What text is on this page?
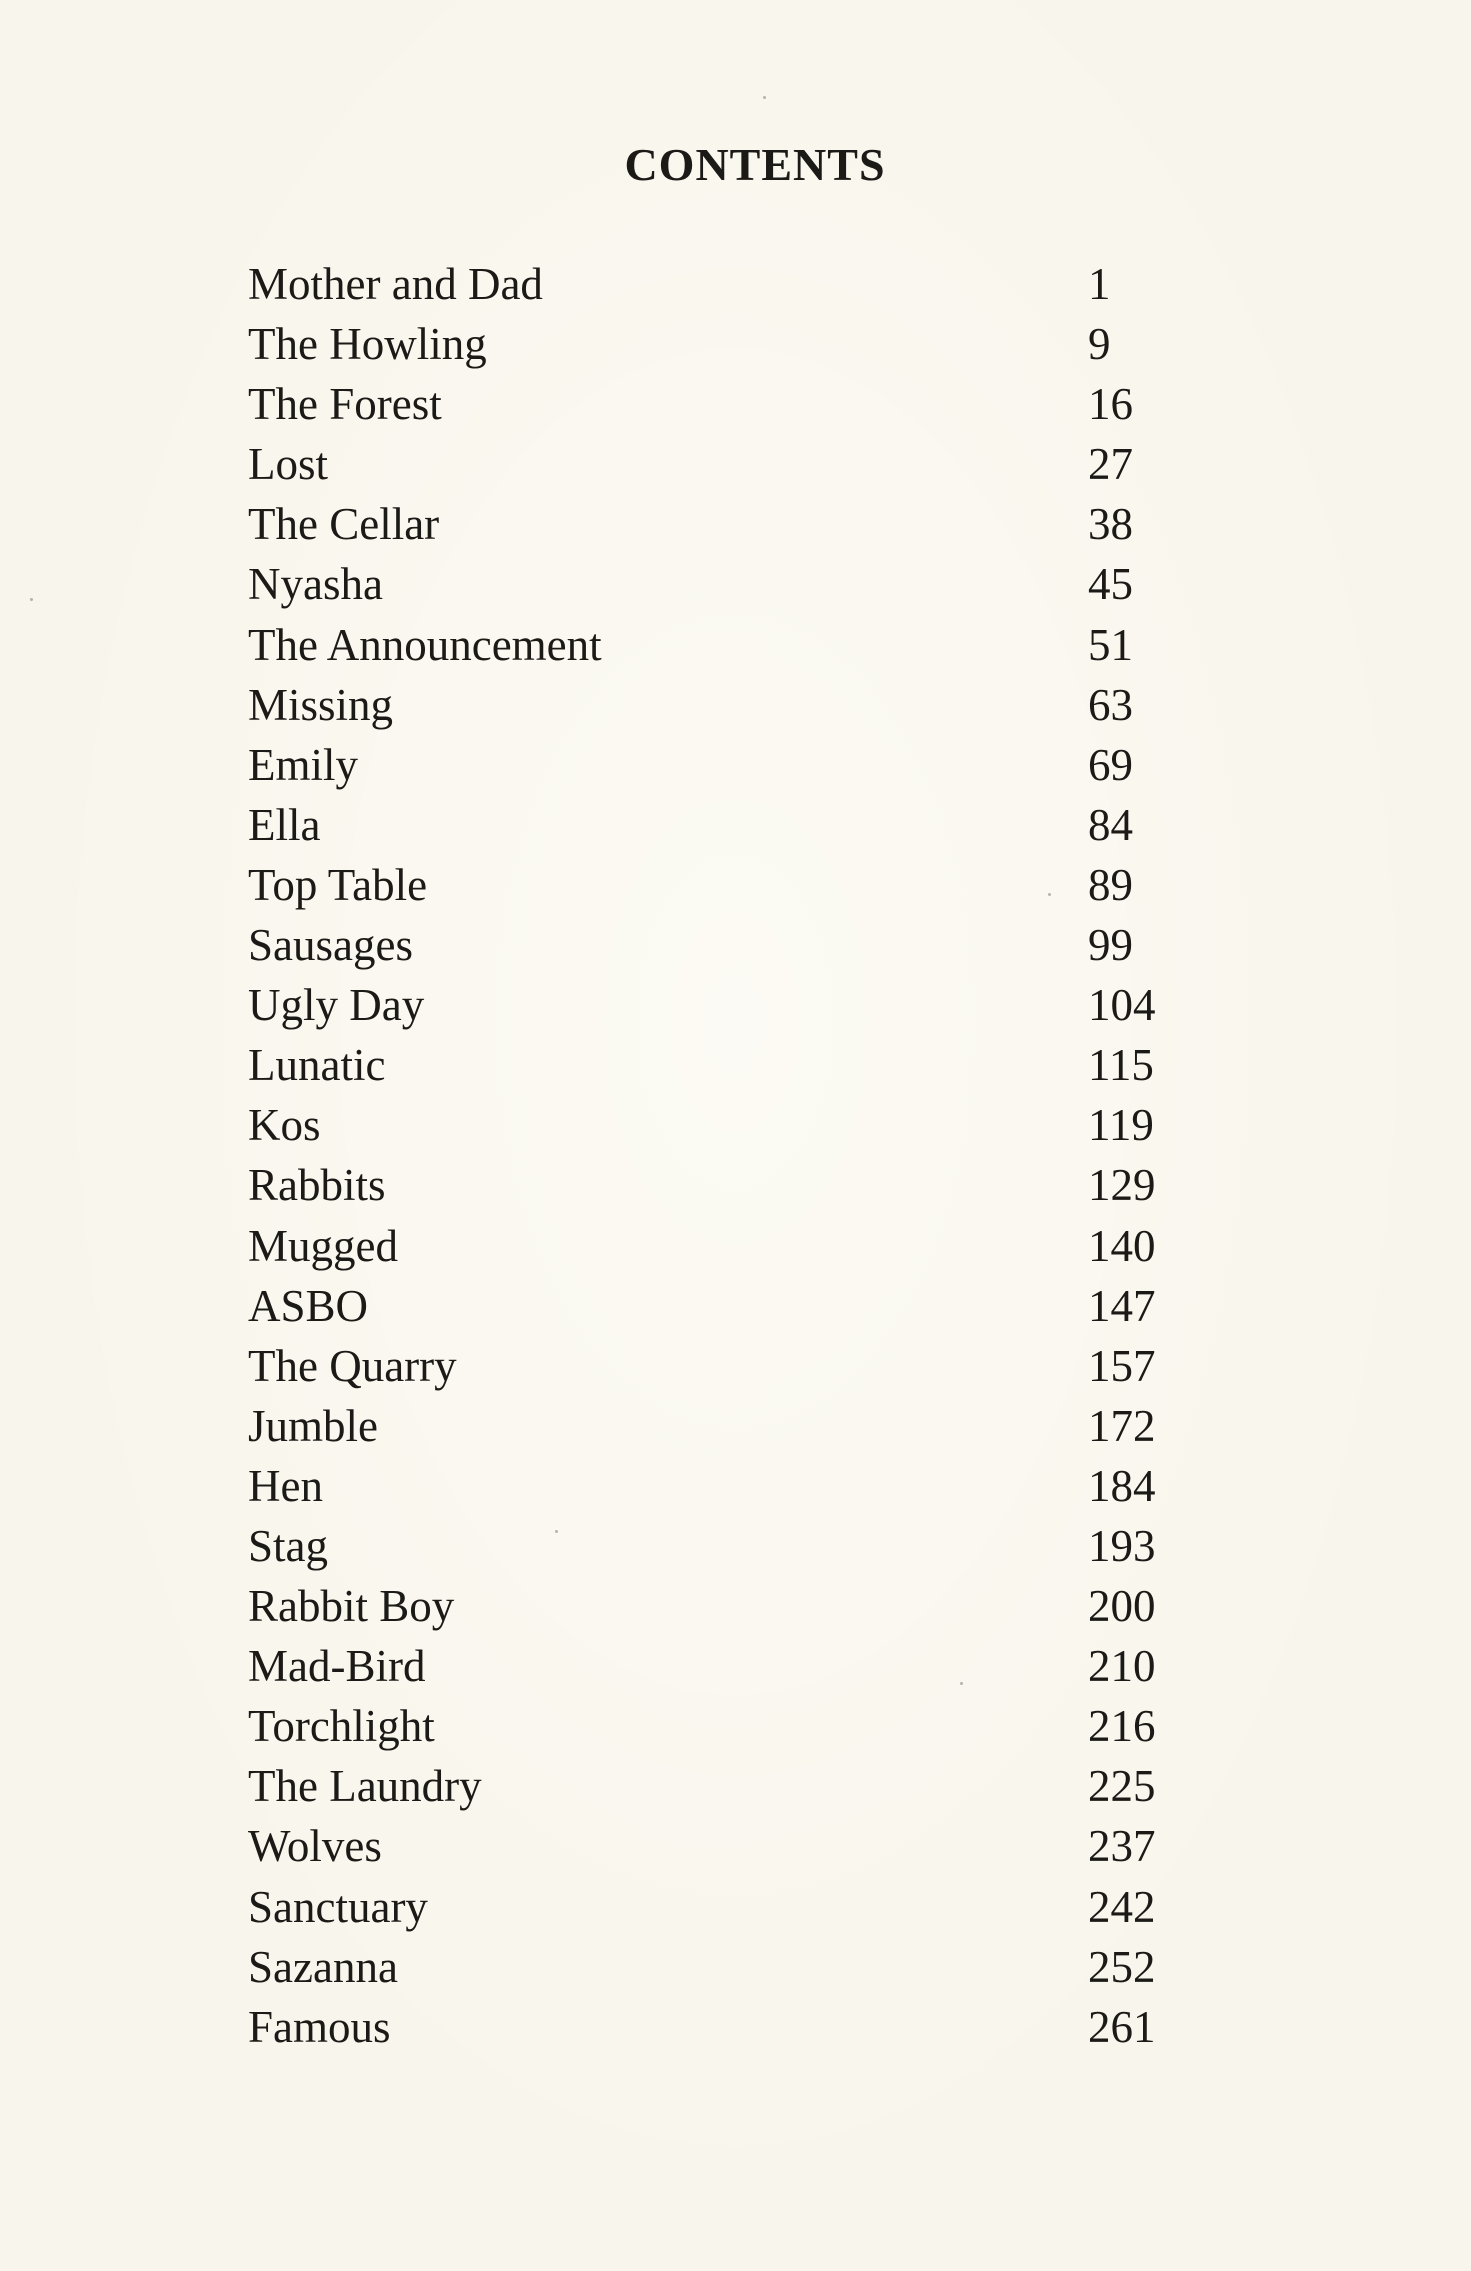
CONTENTS
Mother and Dad	1
The Howling	9
The Forest	16
Lost	27
The Cellar	38
Nyasha	45
The Announcement	51
Missing	63
Emily	69
Ella	84
Top Table	89
Sausages	99
Ugly Day	104
Lunatic	115
Kos	119
Rabbits	129
Mugged	140
ASBO	147
The Quarry	157
Jumble	172
Hen	184
Stag	193
Rabbit Boy	200
Mad-Bird	210
Torchlight	216
The Laundry	225
Wolves	237
Sanctuary	242
Sazanna	252
Famous	261
